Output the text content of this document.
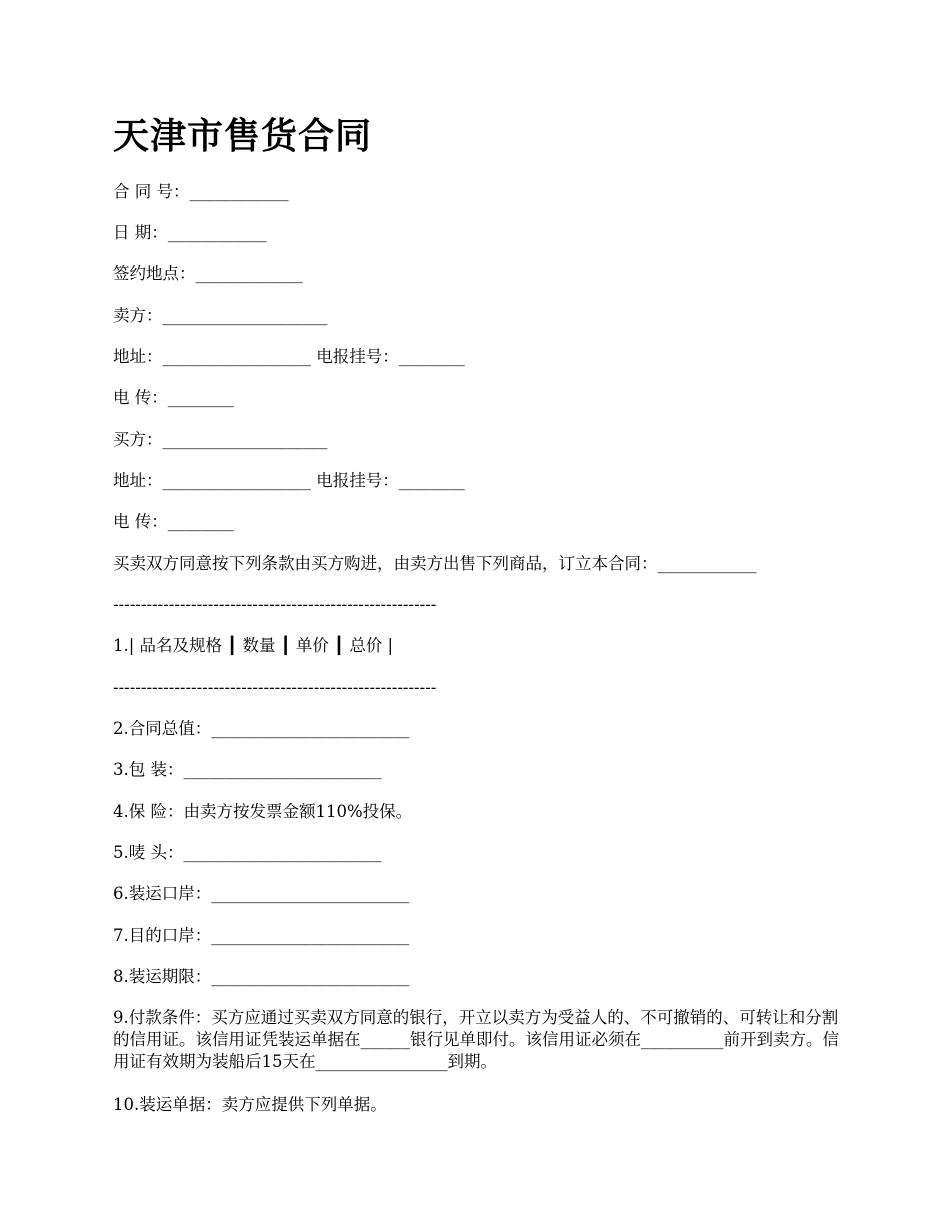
天津市售货合同
合 同 号：____________
日 期：____________
签约地点：_____________
卖方：____________________
地址：__________________ 电报挂号：________
电 传：________
买方：____________________
地址：__________________ 电报挂号：________
电 传：________
买卖双方同意按下列条款由买方购进，由卖方出售下列商品，订立本合同：____________
----------------------------------------------------------
1.| 品名及规格 ┃ 数量 ┃ 单价 ┃ 总价 |
----------------------------------------------------------
2.合同总值：________________________
3.包 装：________________________
4.保 险：由卖方按发票金额110%投保。
5.唛 头：________________________
6.装运口岸：________________________
7.目的口岸：________________________
8.装运期限：________________________
9.付款条件：买方应通过买卖双方同意的银行，开立以卖方为受益人的、不可撤销的、可转让和分割的信用证。该信用证凭装运单据在______银行见单即付。该信用证必须在__________前开到卖方。信用证有效期为装船后15天在________________到期。
10.装运单据：卖方应提供下列单据。
